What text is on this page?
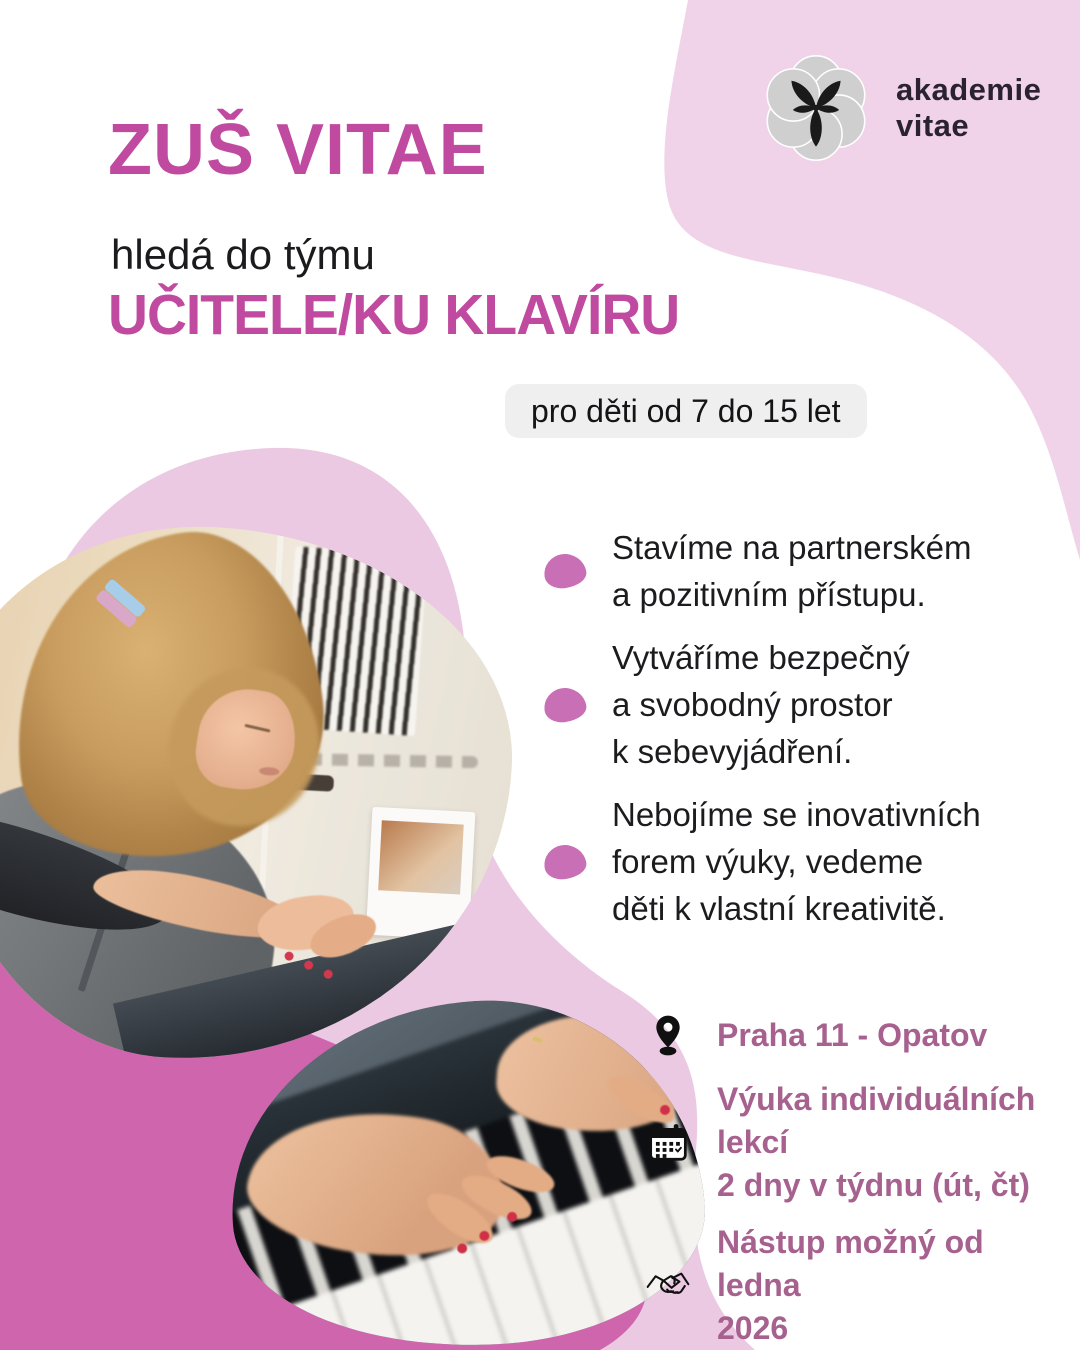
ZUŠ VITAE
hledá do týmu
UČITELE/KU KLAVÍRU
pro děti od 7 do 15 let
akademie
vitae
Stavíme na partnerském
a pozitivním přístupu.
Vytváříme bezpečný
a svobodný prostor
k sebevyjádření.
Nebojíme se inovativních
forem výuky, vedeme
děti k vlastní kreativitě.
Praha 11 - Opatov
Výuka individuálních lekcí
2 dny v týdnu (út, čt)
Nástup možný od ledna
2026
